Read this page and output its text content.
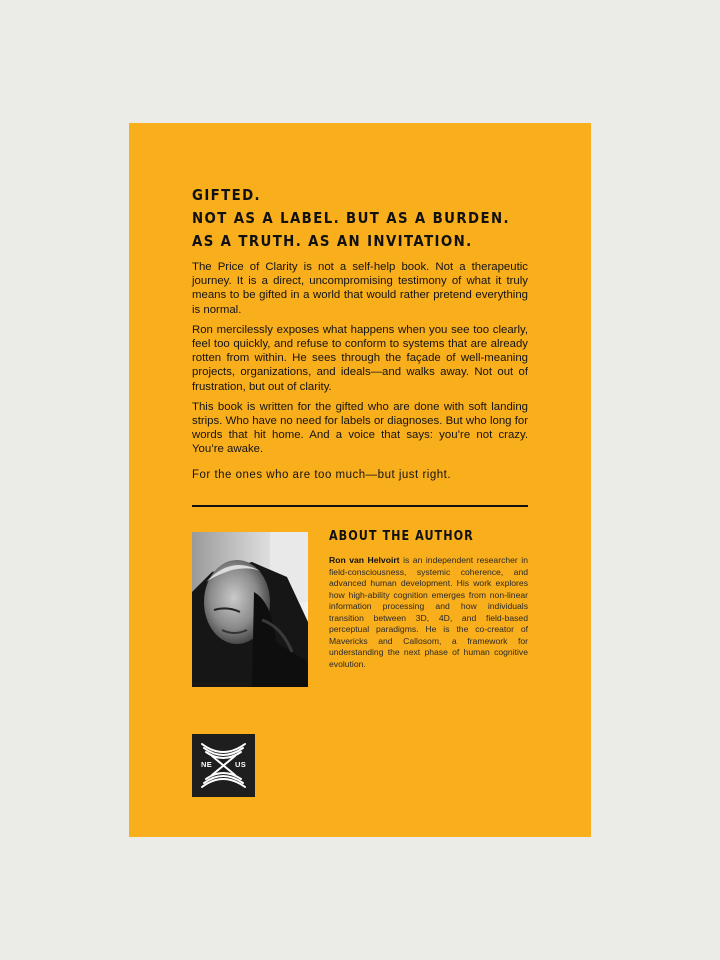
GIFTED.
NOT AS A LABEL. BUT AS A BURDEN.
AS A TRUTH. AS AN INVITATION.

The Price of Clarity is not a self-help book. Not a therapeutic journey. It is a direct, uncompromising testimony of what it truly means to be gifted in a world that would rather pretend everything is normal.

Ron mercilessly exposes what happens when you see too clearly, feel too quickly, and refuse to conform to systems that are already rotten from within. He sees through the façade of well-meaning projects, organizations, and ideals—and walks away. Not out of frustration, but out of clarity.

This book is written for the gifted who are done with soft landing strips. Who have no need for labels or diagnoses. But who long for words that hit home. And a voice that says: you’re not crazy. You’re awake.

For the ones who are too much—but just right.
ABOUT THE AUTHOR
Ron van Helvoirt is an independent researcher in field-consciousness, systemic coherence, and advanced human development. His work explores how high-ability cognition emerges from non-linear information processing and how individuals transition between 3D, 4D, and field-based perceptual paradigms. He is the co-creator of Mavericks and Callosom, a framework for understanding the next phase of human cognitive evolution.
NE	US
